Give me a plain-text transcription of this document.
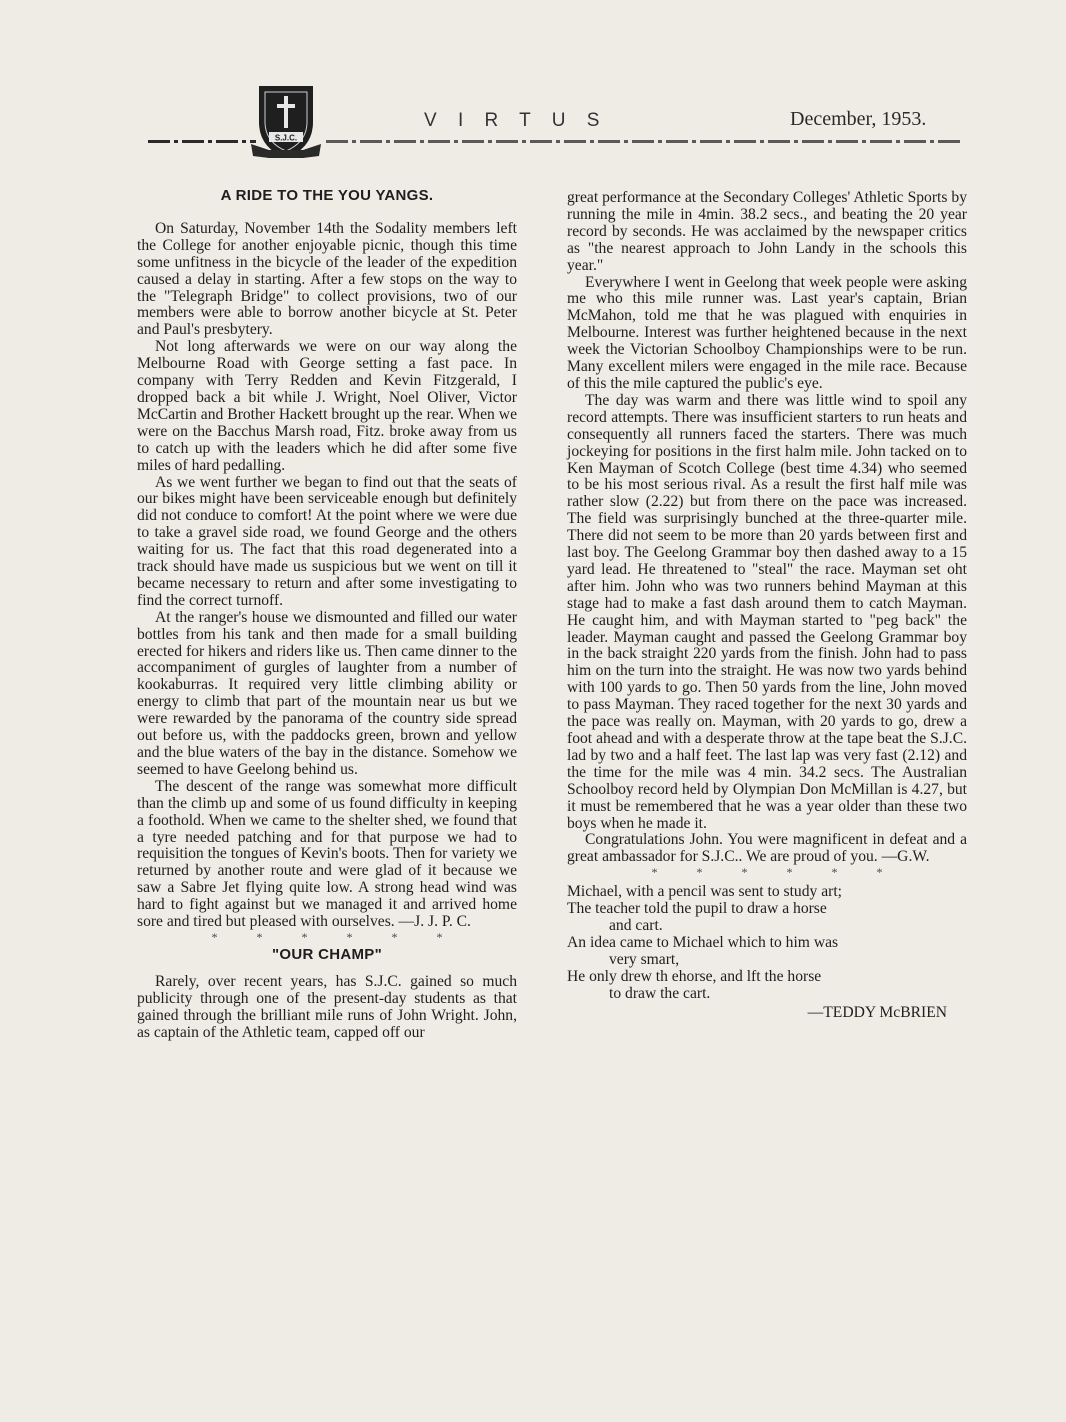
S.J.C.
V I R T U S	December, 1953.
A RIDE TO THE YOU YANGS.

On Saturday, November 14th the Sodality members left the College for another enjoyable picnic, though this time some unfitness in the bicycle of the leader of the expedition caused a delay in starting. After a few stops on the way to the "Telegraph Bridge" to collect provisions, two of our members were able to borrow another bicycle at St. Peter and Paul's presbytery.

Not long afterwards we were on our way along the Melbourne Road with George setting a fast pace. In company with Terry Redden and Kevin Fitzgerald, I dropped back a bit while J. Wright, Noel Oliver, Victor McCartin and Brother Hackett brought up the rear. When we were on the Bacchus Marsh road, Fitz. broke away from us to catch up with the leaders which he did after some five miles of hard pedalling.

As we went further we began to find out that the seats of our bikes might have been serviceable enough but definitely did not conduce to comfort! At the point where we were due to take a gravel side road, we found George and the others waiting for us. The fact that this road degenerated into a track should have made us suspicious but we went on till it became necessary to return and after some investigating to find the correct turnoff.

At the ranger's house we dismounted and filled our water bottles from his tank and then made for a small building erected for hikers and riders like us. Then came dinner to the accompaniment of gurgles of laughter from a number of kookaburras. It required very little climbing ability or energy to climb that part of the mountain near us but we were rewarded by the panorama of the country side spread out before us, with the paddocks green, brown and yellow and the blue waters of the bay in the distance. Somehow we seemed to have Geelong behind us.

The descent of the range was somewhat more difficult than the climb up and some of us found difficulty in keeping a foothold. When we came to the shelter shed, we found that a tyre needed patching and for that purpose we had to requisition the tongues of Kevin's boots. Then for variety we returned by another route and were glad of it because we saw a Sabre Jet flying quite low. A strong head wind was hard to fight against but we managed it and arrived home sore and tired but pleased with ourselves. —J. J. P. C.

* * * * * *

"OUR CHAMP"

Rarely, over recent years, has S.J.C. gained so much publicity through one of the present-day students as that gained through the brilliant mile runs of John Wright. John, as captain of the Athletic team, capped off our

great performance at the Secondary Colleges' Athletic Sports by running the mile in 4min. 38.2 secs., and beating the 20 year record by seconds. He was acclaimed by the newspaper critics as "the nearest approach to John Landy in the schools this year."

Everywhere I went in Geelong that week people were asking me who this mile runner was. Last year's captain, Brian McMahon, told me that he was plagued with enquiries in Melbourne. Interest was further heightened because in the next week the Victorian Schoolboy Championships were to be run. Many excellent milers were engaged in the mile race. Because of this the mile captured the public's eye.

The day was warm and there was little wind to spoil any record attempts. There was insufficient starters to run heats and consequently all runners faced the starters. There was much jockeying for positions in the first halm mile. John tacked on to Ken Mayman of Scotch College (best time 4.34) who seemed to be his most serious rival. As a result the first half mile was rather slow (2.22) but from there on the pace was increased. The field was surprisingly bunched at the three-quarter mile. There did not seem to be more than 20 yards between first and last boy. The Geelong Grammar boy then dashed away to a 15 yard lead. He threatened to "steal" the race. Mayman set oht after him. John who was two runners behind Mayman at this stage had to make a fast dash around them to catch Mayman. He caught him, and with Mayman started to "peg back" the leader. Mayman caught and passed the Geelong Grammar boy in the back straight 220 yards from the finish. John had to pass him on the turn into the straight. He was now two yards behind with 100 yards to go. Then 50 yards from the line, John moved to pass Mayman. They raced together for the next 30 yards and the pace was really on. Mayman, with 20 yards to go, drew a foot ahead and with a desperate throw at the tape beat the S.J.C. lad by two and a half feet. The last lap was very fast (2.12) and the time for the mile was 4 min. 34.2 secs. The Australian Schoolboy record held by Olympian Don McMillan is 4.27, but it must be remembered that he was a year older than these two boys when he made it.

Congratulations John. You were magnificent in defeat and a great ambassador for S.J.C.. We are proud of you. —G.W.

* * * * * *

Michael, with a pencil was sent to study art;
The teacher told the pupil to draw a horse
and cart.
An idea came to Michael which to him was
very smart,
He only drew th ehorse, and lft the horse
to draw the cart.
—TEDDY McBRIEN
